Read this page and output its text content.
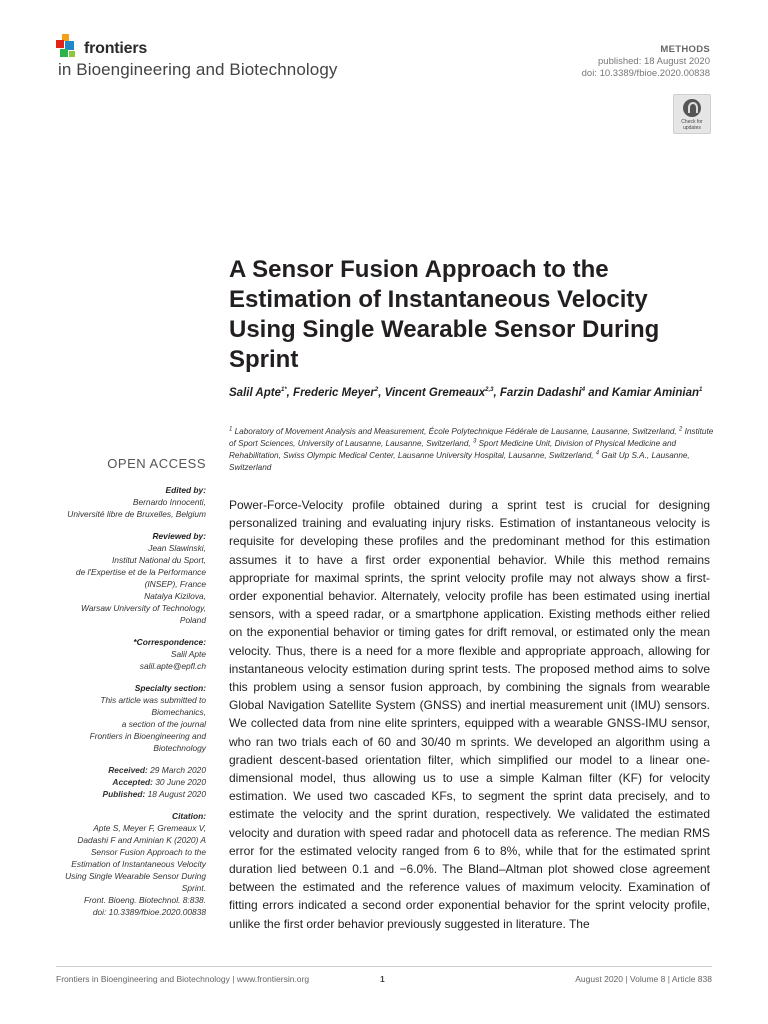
frontiers
in Bioengineering and Biotechnology
METHODS
published: 18 August 2020
doi: 10.3389/fbioe.2020.00838
Check for updates
A Sensor Fusion Approach to the Estimation of Instantaneous Velocity Using Single Wearable Sensor During Sprint
Salil Apte$^{1*}$, Frederic Meyer$^2$, Vincent Gremeaux$^{2,3}$, Farzin Dadashi$^4$ and Kamiar Aminian$^1$
$^1$ Laboratory of Movement Analysis and Measurement, École Polytechnique Fédérale de Lausanne, Lausanne, Switzerland, $^2$ Institute of Sport Sciences, University of Lausanne, Lausanne, Switzerland, $^3$ Sport Medicine Unit, Division of Physical Medicine and Rehabilitation, Swiss Olympic Medical Center, Lausanne University Hospital, Lausanne, Switzerland, $^4$ Gait Up S.A., Lausanne, Switzerland
OPEN ACCESS
Edited by:
Bernardo Innocenti,
Université libre de Bruxelles, Belgium
Reviewed by:
Jean Slawinski,
Institut National du Sport,
de l'Expertise et de la Performance
(INSEP), France
Natalya Kizilova,
Warsaw University of Technology,
Poland
*Correspondence:
Salil Apte
salil.apte@epfl.ch
Specialty section:
This article was submitted to
Biomechanics,
a section of the journal
Frontiers in Bioengineering and
Biotechnology
Received: 29 March 2020
Accepted: 30 June 2020
Published: 18 August 2020
Citation:
Apte S, Meyer F, Gremeaux V,
Dadashi F and Aminian K (2020) A
Sensor Fusion Approach to the
Estimation of Instantaneous Velocity
Using Single Wearable Sensor During
Sprint.
Front. Bioeng. Biotechnol. 8:838.
doi: 10.3389/fbioe.2020.00838
Power-Force-Velocity profile obtained during a sprint test is crucial for designing personalized training and evaluating injury risks. Estimation of instantaneous velocity is requisite for developing these profiles and the predominant method for this estimation assumes it to have a first order exponential behavior. While this method remains appropriate for maximal sprints, the sprint velocity profile may not always show a first-order exponential behavior. Alternately, velocity profile has been estimated using inertial sensors, with a speed radar, or a smartphone application. Existing methods either relied on the exponential behavior or timing gates for drift removal, or estimated only the mean velocity. Thus, there is a need for a more flexible and appropriate approach, allowing for instantaneous velocity estimation during sprint tests. The proposed method aims to solve this problem using a sensor fusion approach, by combining the signals from wearable Global Navigation Satellite System (GNSS) and inertial measurement unit (IMU) sensors. We collected data from nine elite sprinters, equipped with a wearable GNSS-IMU sensor, who ran two trials each of 60 and 30/40 m sprints. We developed an algorithm using a gradient descent-based orientation filter, which simplified our model to a linear one-dimensional model, thus allowing us to use a simple Kalman filter (KF) for velocity estimation. We used two cascaded KFs, to segment the sprint data precisely, and to estimate the velocity and the sprint duration, respectively. We validated the estimated velocity and duration with speed radar and photocell data as reference. The median RMS error for the estimated velocity ranged from 6 to 8%, while that for the estimated sprint duration lied between 0.1 and −6.0%. The Bland–Altman plot showed close agreement between the estimated and the reference values of maximum velocity. Examination of fitting errors indicated a second order exponential behavior for the sprint velocity profile, unlike the first order behavior previously suggested in literature. The
Frontiers in Bioengineering and Biotechnology | www.frontiersin.org	1	August 2020 | Volume 8 | Article 838
